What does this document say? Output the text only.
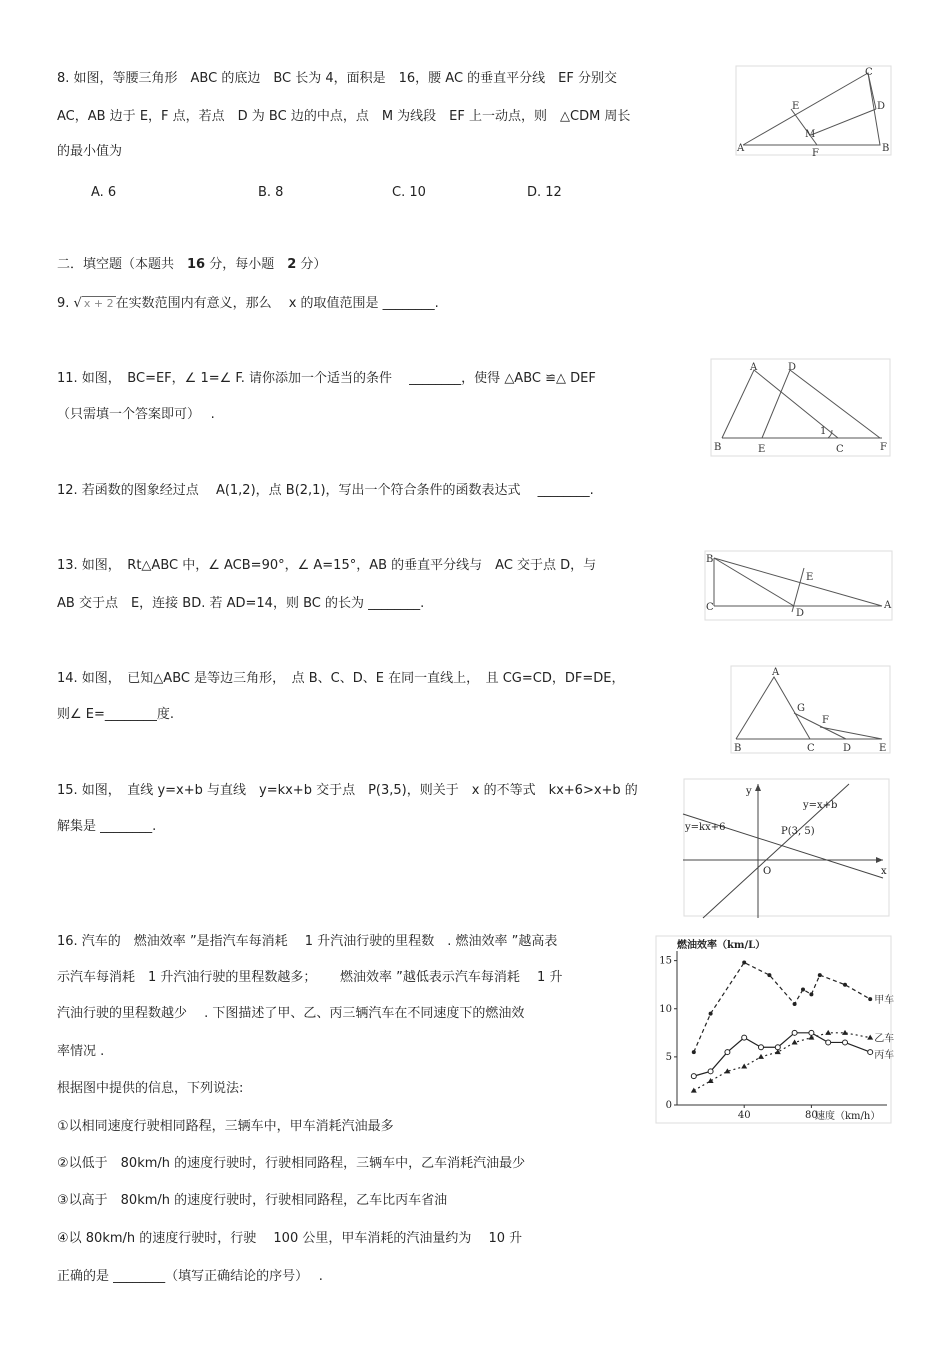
8. 如图，等腰三角形　ABC 的底边　BC 长为 4，面积是　16，腰 AC 的垂直平分线　EF 分别交
AC，AB 边于 E，F 点，若点　D 为 BC 边的中点，点　M 为线段　EF 上一动点，则　△CDM 周长
的最小值为
A. 6	B. 8	C. 10	D. 12
A	B
C
D
E
F
M
二．填空题（本题共　16 分，每小题　2 分）
9. √ x + 2 在实数范围内有意义，那么　 x 的取值范围是 ________.
11. 如图，　BC=EF，∠ 1=∠ F. 请你添加一个适当的条件　 ________，使得 △ABC ≌△ DEF
（只需填一个答案即可）　 .
A	D
B	E
1
C	F
12. 若函数的图象经过点　 A(1,2)，点 B(2,1)，写出一个符合条件的函数表达式　 ________.
13. 如图，　Rt△ABC 中，∠ ACB=90°，∠ A=15°，AB 的垂直平分线与　AC 交于点 D，与
AB 交于点　E，连接 BD. 若 AD=14，则 BC 的长为 ________.
B
E
C
D
A
14. 如图，　已知△ABC 是等边三角形，　点 B、C、D、E 在同一直线上，　且 CG=CD，DF=DE，
则∠ E=________度.
A
G
F
B	C	D	E
15. 如图，　直线 y=x+b 与直线　y=kx+b 交于点　P(3,5)，则关于　x 的不等式　kx+6>x+b 的
解集是 ________.
y
y=x+b
y=kx+6	P(3, 5)
O	x
16. 汽车的　燃油效率 ”是指汽车每消耗　 1 升汽油行驶的里程数　. 燃油效率 ”越高表
示汽车每消耗　1 升汽油行驶的里程数越多；　　 燃油效率 ”越低表示汽车每消耗　 1 升
汽油行驶的里程数越少　 . 下图描述了甲、乙、丙三辆汽车在不同速度下的燃油效
率情况 .
根据图中提供的信息，下列说法:
①以相同速度行驶相同路程，三辆车中，甲车消耗汽油最多
②以低于　80km/h 的速度行驶时，行驶相同路程，三辆车中，乙车消耗汽油最少
③以高于　80km/h 的速度行驶时，行驶相同路程，乙车比丙车省油
④以 80km/h 的速度行驶时，行驶　 100 公里，甲车消耗的汽油量约为　 10 升
正确的是 ________（填写正确结论的序号）　 .
0
5
10
15
40	80
甲车
乙车
丙车
燃油效率（km/L）
速度（km/h）
